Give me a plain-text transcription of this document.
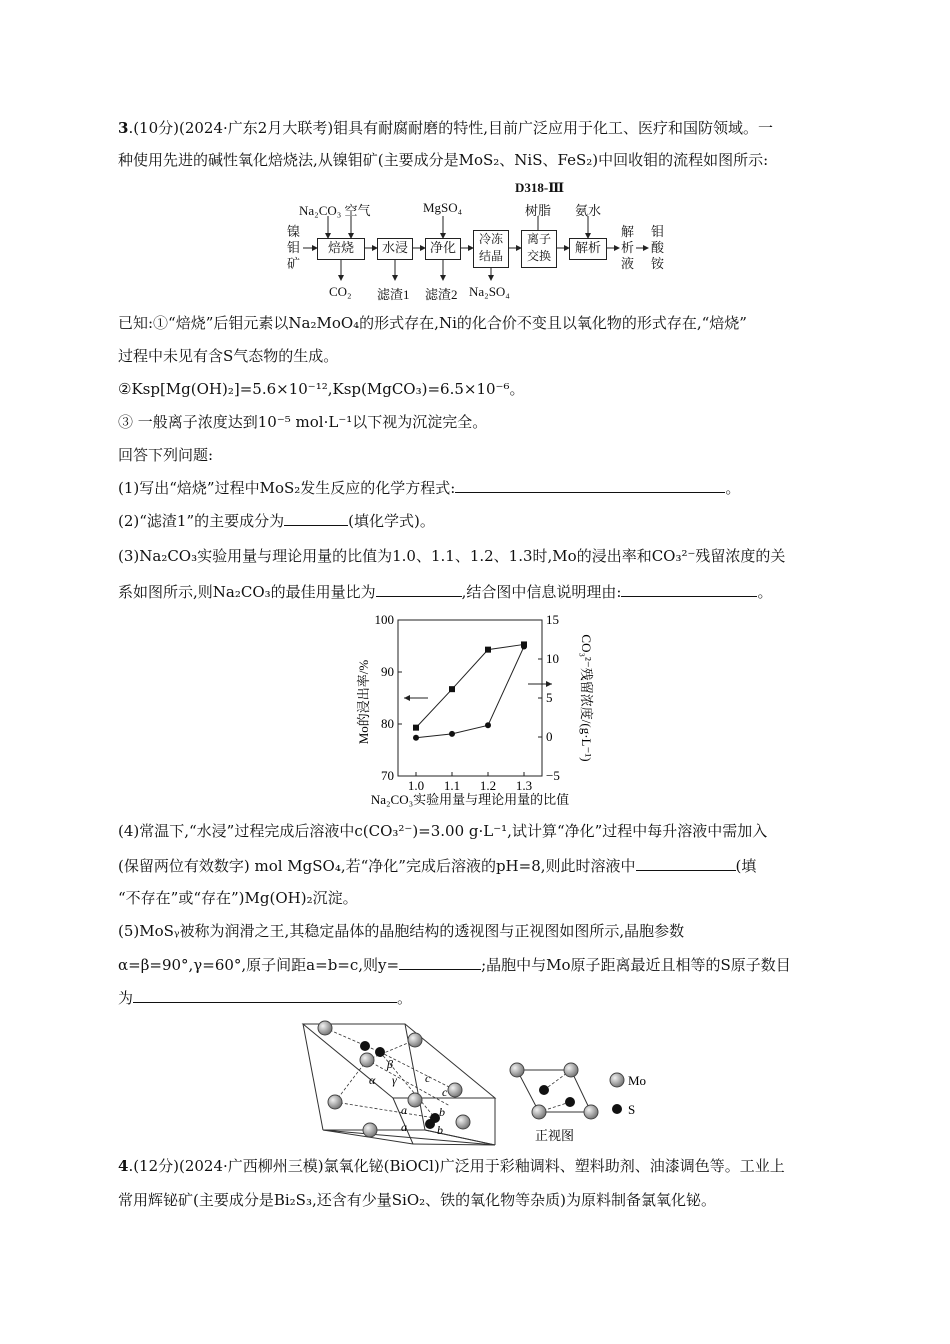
3.(10分)(2024·广东2月大联考)钼具有耐腐耐磨的特性,目前广泛应用于化工、医疗和国防领域。一
种使用先进的碱性氧化焙烧法,从镍钼矿(主要成分是MoS₂、NiS、FeS₂)中回收钼的流程如图所示:
Na₂CO₃ 空气	MgSO₄
D318-Ⅲ
树脂 氨水
镍钼矿
焙烧	水浸	净化
冷冻结晶
离子交换	解析
解析液
钼酸铵
CO₂ 滤渣1 滤渣2 Na₂SO₄
已知:①“焙烧”后钼元素以Na₂MoO₄的形式存在,Ni的化合价不变且以氧化物的形式存在,“焙烧”
过程中未见有含S气态物的生成。
②Ksp[Mg(OH)₂]=5.6×10⁻¹²,Ksp(MgCO₃)=6.5×10⁻⁶。
③ 一般离子浓度达到10⁻⁵ mol·L⁻¹以下视为沉淀完全。
回答下列问题:
(1)写出“焙烧”过程中MoS₂发生反应的化学方程式:	。
(2)“滤渣1”的主要成分为	(填化学式)。
(3)Na₂CO₃实验用量与理论用量的比值为1.0、1.1、1.2、1.3时,Mo的浸出率和CO₃²⁻残留浓度的关
系如图所示,则Na₂CO₃的最佳用量比为	,结合图中信息说明理由:	。
Mo的浸出率/%	CO₃²⁻残留浓度/(g·L⁻¹)
Na₂CO₃实验用量与理论用量的比值
70
80
90
100
−5
0
5
10
15
1.0 1.1 1.2 1.3
(4)常温下,“水浸”过程完成后溶液中c(CO₃²⁻)=3.00 g·L⁻¹,试计算“净化”过程中每升溶液中需加入
(保留两位有效数字) mol MgSO₄,若“净化”完成后溶液的pH=8,则此时溶液中	(填
“不存在”或“存在”)Mg(OH)₂沉淀。
(5)MoSᵧ被称为润滑之王,其稳定晶体的晶胞结构的透视图与正视图如图所示,晶胞参数
α=β=90°,γ=60°,原子间距a=b=c,则y=	;晶胞中与Mo原子距离最近且相等的S原子数目
为	。
β
α γ c
c
a
a
b
b	正视图
Mo
S
4.(12分)(2024·广西柳州三模)氯氧化铋(BiOCl)广泛用于彩釉调料、塑料助剂、油漆调色等。工业上
常用辉铋矿(主要成分是Bi₂S₃,还含有少量SiO₂、铁的氧化物等杂质)为原料制备氯氧化铋。
